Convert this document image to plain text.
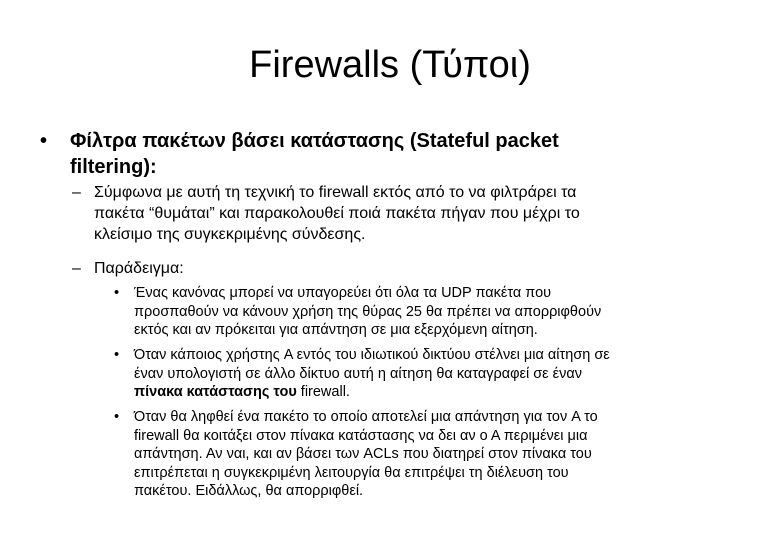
Firewalls (Τύποι)
• Φίλτρα πακέτων βάσει κατάστασης (Stateful packet
filtering):
– Σύμφωνα με αυτή τη τεχνική το firewall εκτός από το να φιλτράρει τα
πακέτα “θυμάται” και παρακολουθεί ποιά πακέτα πήγαν που μέχρι το
κλείσιμο της συγκεκριμένης σύνδεσης.
– Παράδειγμα:
• Ένας κανόνας μπορεί να υπαγορεύει ότι όλα τα UDP πακέτα που
προσπαθούν να κάνουν χρήση της θύρας 25 θα πρέπει να απορριφθούν
εκτός και αν πρόκειται για απάντηση σε μια εξερχόμενη αίτηση.
• Όταν κάποιος χρήστης A εντός του ιδιωτικού δικτύου στέλνει μια αίτηση σε
έναν υπολογιστή σε άλλο δίκτυο αυτή η αίτηση θα καταγραφεί σε έναν
πίνακα κατάστασης του firewall.
• Όταν θα ληφθεί ένα πακέτο το οποίο αποτελεί μια απάντηση για τον A το
firewall θα κοιτάξει στον πίνακα κατάστασης να δει αν ο Α περιμένει μια
απάντηση. Αν ναι, και αν βάσει των ACLs που διατηρεί στον πίνακα του
επιτρέπεται η συγκεκριμένη λειτουργία θα επιτρέψει τη διέλευση του
πακέτου. Ειδάλλως, θα απορριφθεί.
